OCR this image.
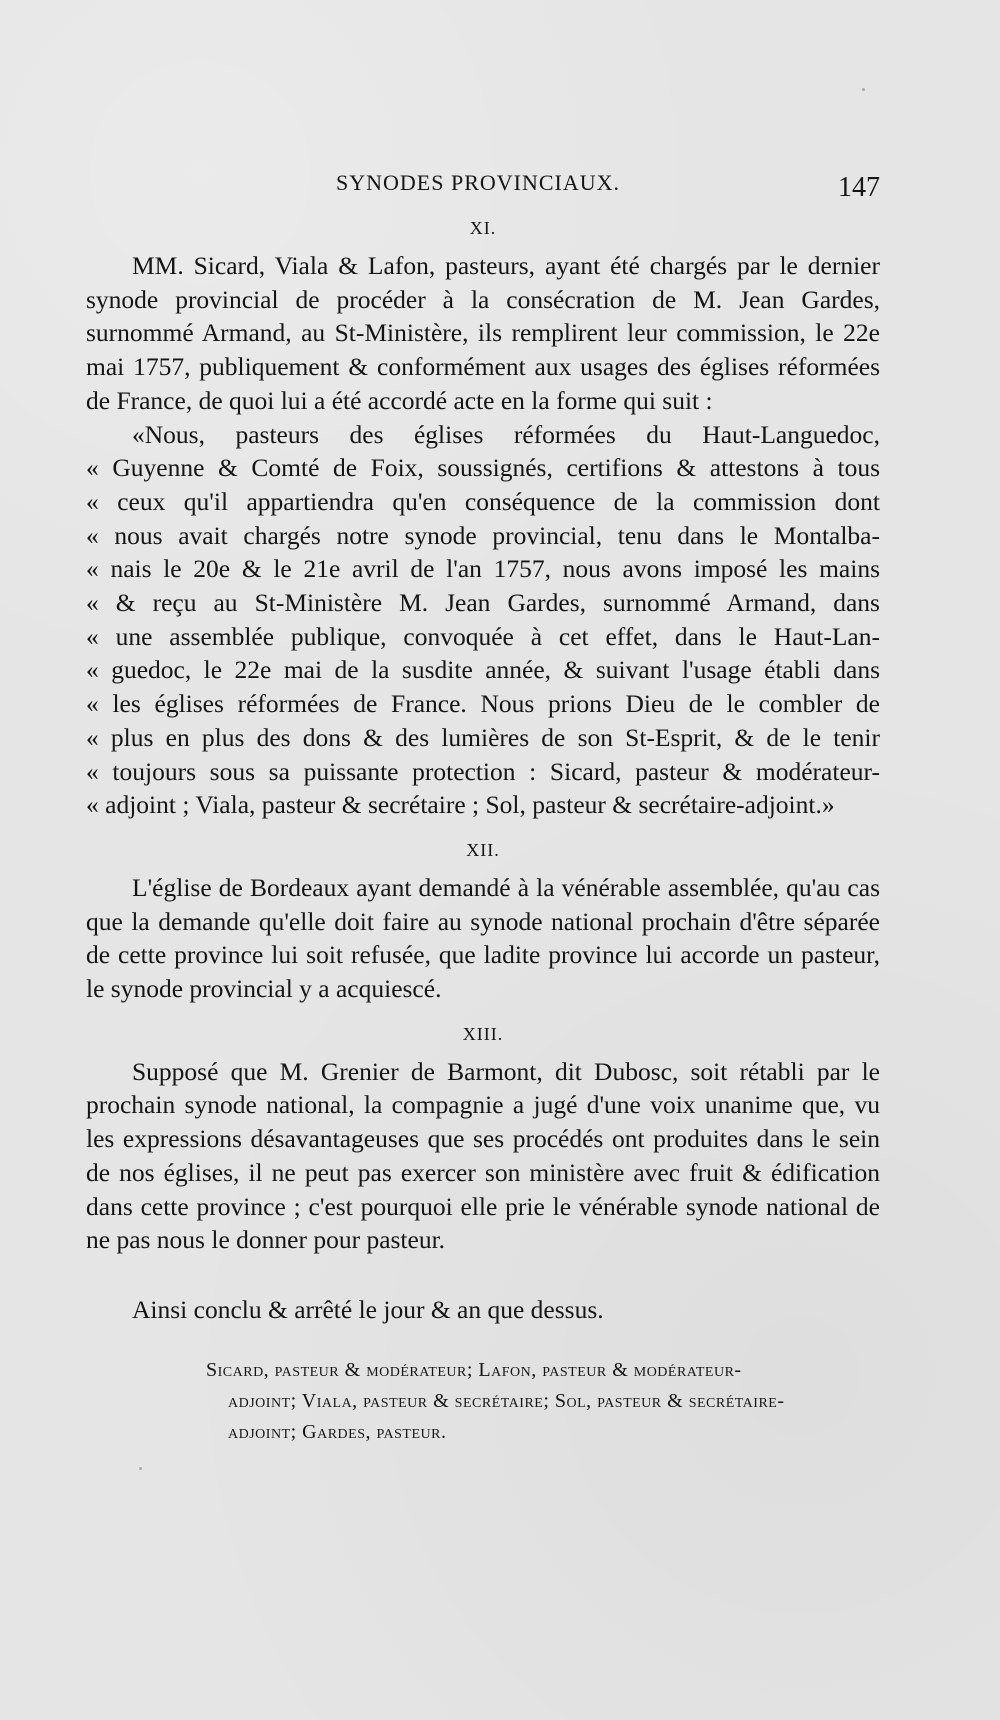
SYNODES PROVINCIAUX.	147
XI.

MM. Sicard, Viala & Lafon, pasteurs, ayant été chargés par le dernier synode provincial de procéder à la consécration de M. Jean Gardes, surnommé Armand, au St-Ministère, ils remplirent leur commission, le 22e mai 1757, publiquement & conformément aux usages des églises réformées de France, de quoi lui a été accordé acte en la forme qui suit :

«Nous, pasteurs des églises réformées du Haut-Languedoc,
« Guyenne & Comté de Foix, soussignés, certifions & attestons à tous
« ceux qu'il appartiendra qu'en conséquence de la commission dont
« nous avait chargés notre synode provincial, tenu dans le Montalba-
« nais le 20e & le 21e avril de l'an 1757, nous avons imposé les mains
« & reçu au St-Ministère M. Jean Gardes, surnommé Armand, dans
« une assemblée publique, convoquée à cet effet, dans le Haut-Lan-
« guedoc, le 22e mai de la susdite année, & suivant l'usage établi dans
« les églises réformées de France. Nous prions Dieu de le combler de
« plus en plus des dons & des lumières de son St-Esprit, & de le tenir
« toujours sous sa puissante protection : Sicard, pasteur & modérateur-
« adjoint ; Viala, pasteur & secrétaire ; Sol, pasteur & secrétaire-adjoint.»
XII.

L'église de Bordeaux ayant demandé à la vénérable assemblée, qu'au cas que la demande qu'elle doit faire au synode national prochain d'être séparée de cette province lui soit refusée, que ladite province lui accorde un pasteur, le synode provincial y a acquiescé.

XIII.

Supposé que M. Grenier de Barmont, dit Dubosc, soit rétabli par le prochain synode national, la compagnie a jugé d'une voix unanime que, vu les expressions désavantageuses que ses procédés ont produites dans le sein de nos églises, il ne peut pas exercer son ministère avec fruit & édification dans cette province ; c'est pourquoi elle prie le vénérable synode national de ne pas nous le donner pour pasteur.

Ainsi conclu & arrêté le jour & an que dessus.

Sicard, pasteur & modérateur; Lafon, pasteur & modérateur-
adjoint; Viala, pasteur & secrétaire; Sol, pasteur & secrétaire-
adjoint; Gardes, pasteur.
